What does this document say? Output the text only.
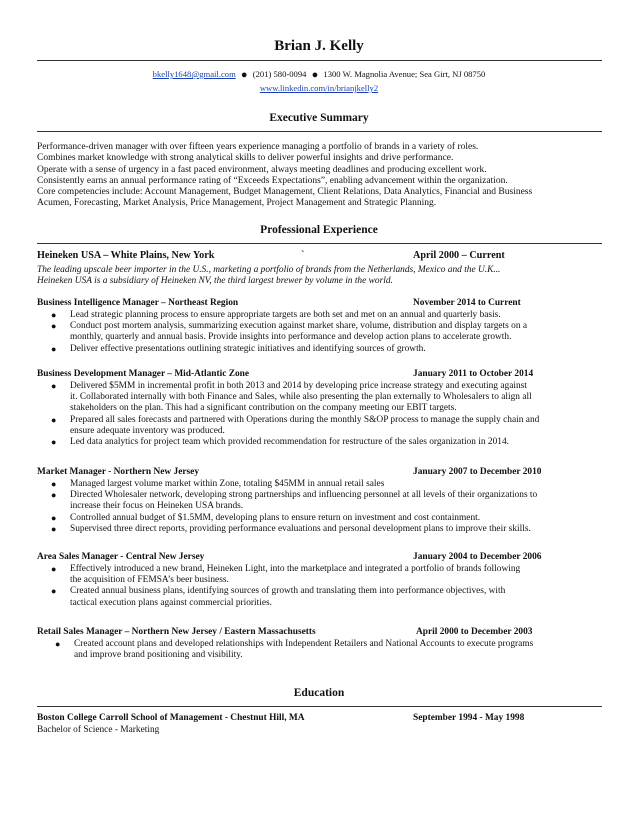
Brian J. Kelly
bkelly1648@gmail.com ● (201) 580-0094 ● 1300 W. Magnolia Avenue; Sea Girt, NJ 08750
www.linkedin.com/in/brianjkelly2
Executive Summary
Performance-driven manager with over fifteen years experience managing a portfolio of brands in a variety of roles.
Combines market knowledge with strong analytical skills to deliver powerful insights and drive performance.
Operate with a sense of urgency in a fast paced environment, always meeting deadlines and producing excellent work.
Consistently earns an annual performance rating of “Exceeds Expectations”, enabling advancement within the organization.
Core competencies include: Account Management, Budget Management, Client Relations, Data Analytics, Financial and Business
Acumen, Forecasting, Market Analysis, Price Management, Project Management and Strategic Planning.
Professional Experience
Heineken USA – White Plains, New York	`	April 2000 – Current
The leading upscale beer importer in the U.S., marketing a portfolio of brands from the Netherlands, Mexico and the U.K...
Heineken USA is a subsidiary of Heineken NV, the third largest brewer by volume in the world.
Business Intelligence Manager – Northeast Region	November 2014 to Current
● Lead strategic planning process to ensure appropriate targets are both set and met on an annual and quarterly basis.
● Conduct post mortem analysis, summarizing execution against market share, volume, distribution and display targets on a
monthly, quarterly and annual basis. Provide insights into performance and develop action plans to accelerate growth.
● Deliver effective presentations outlining strategic initiatives and identifying sources of growth.
Business Development Manager – Mid-Atlantic Zone	January 2011 to October 2014
● Delivered $5MM in incremental profit in both 2013 and 2014 by developing price increase strategy and executing against
it. Collaborated internally with both Finance and Sales, while also presenting the plan externally to Wholesalers to align all
stakeholders on the plan. This had a significant contribution on the company meeting our EBIT targets.
● Prepared all sales forecasts and partnered with Operations during the monthly S&OP process to manage the supply chain and
ensure adequate inventory was produced.
● Led data analytics for project team which provided recommendation for restructure of the sales organization in 2014.
Market Manager - Northern New Jersey	January 2007 to December 2010
● Managed largest volume market within Zone, totaling $45MM in annual retail sales
● Directed Wholesaler network, developing strong partnerships and influencing personnel at all levels of their organizations to
increase their focus on Heineken USA brands.
● Controlled annual budget of $1.5MM, developing plans to ensure return on investment and cost containment.
● Supervised three direct reports, providing performance evaluations and personal development plans to improve their skills.
Area Sales Manager - Central New Jersey	January 2004 to December 2006
● Effectively introduced a new brand, Heineken Light, into the marketplace and integrated a portfolio of brands following
the acquisition of FEMSA’s beer business.
● Created annual business plans, identifying sources of growth and translating them into performance objectives, with
tactical execution plans against commercial priorities.
Retail Sales Manager – Northern New Jersey / Eastern Massachusetts	April 2000 to December 2003
● Created account plans and developed relationships with Independent Retailers and National Accounts to execute programs
and improve brand positioning and visibility.
Education
Boston College Carroll School of Management - Chestnut Hill, MA	September 1994 - May 1998
Bachelor of Science - Marketing
